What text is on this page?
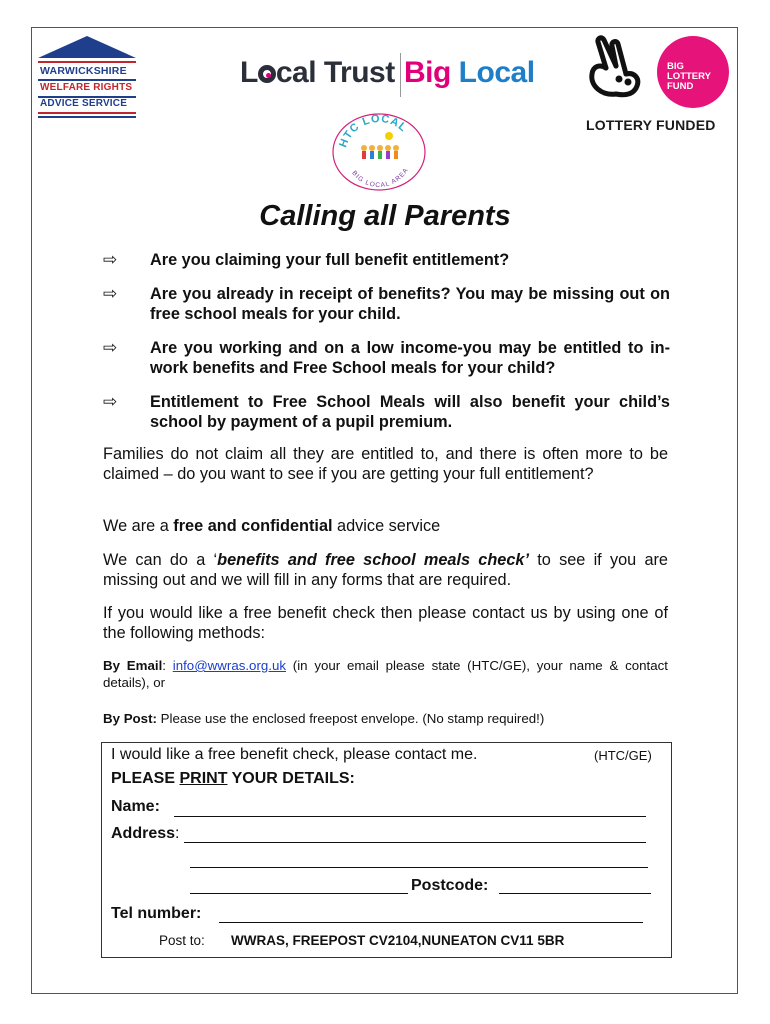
WARWICKSHIRE
WELFARE RIGHTS
ADVICE SERVICE
L cal Trust Big Local	BIG
LOTTERY
FUND
LOTTERY FUNDED
HTC LOCAL
BIG LOCAL AREA
Calling all Parents
⇨ Are you claiming your full benefit entitlement?
⇨ Are you already in receipt of benefits? You may be missing out on free school meals for your child.
⇨ Are you working and on a low income-you may be entitled to in-work benefits and Free School meals for your child?
⇨ Entitlement to Free School Meals will also benefit your child’s school by payment of a pupil premium.

Families do not claim all they are entitled to, and there is often more to be claimed – do you want to see if you are getting your full entitlement?

We are a free and confidential advice service

We can do a ‘benefits and free school meals check’ to see if you are missing out and we will fill in any forms that are required.

If you would like a free benefit check then please contact us by using one of the following methods:

By Email: info@wwras.org.uk (in your email please state (HTC/GE), your name & contact details), or

By Post: Please use the enclosed freepost envelope. (No stamp required!)

I would like a free benefit check, please contact me.	(HTC/GE)
PLEASE PRINT YOUR DETAILS:
Name:
Address:
Postcode:
Tel number:
Post to: WWRAS, FREEPOST CV2104,NUNEATON CV11 5BR
